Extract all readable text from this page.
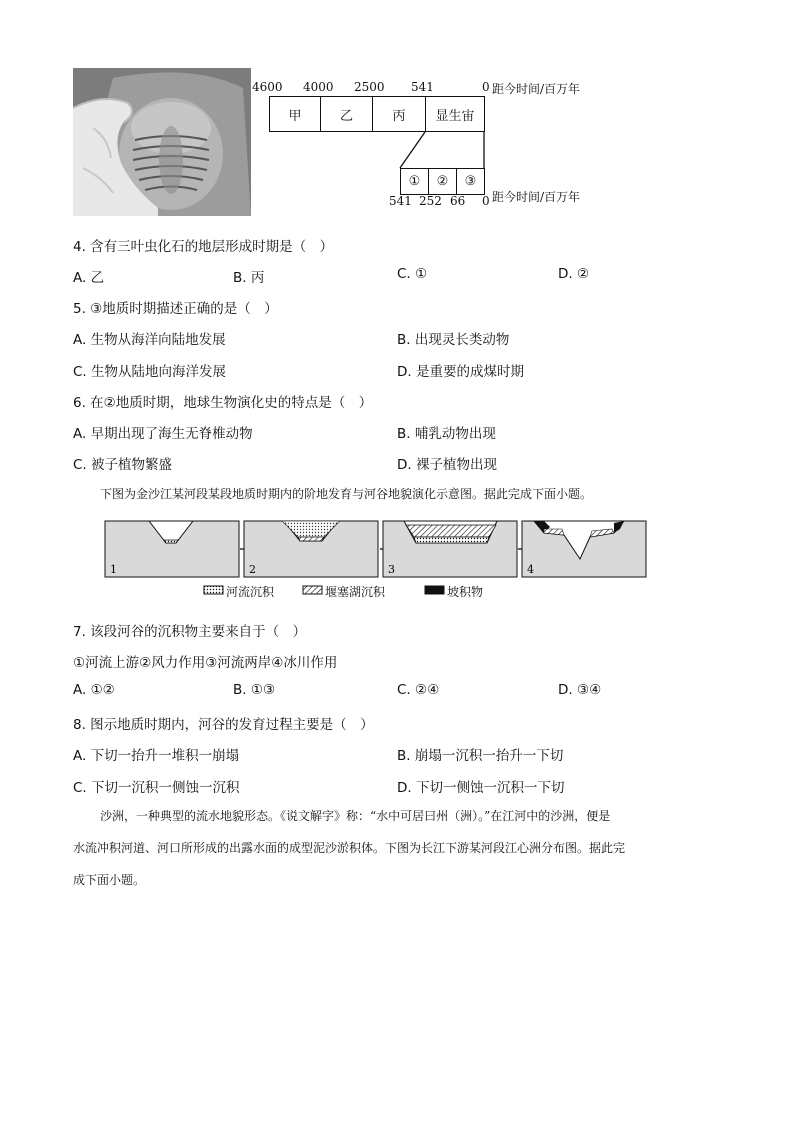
4600 4000 2500 541	0 距今时间/百万年
甲	乙	丙	显生宙
①	②	③
541 252 66 0 距今时间/百万年
4. 含有三叶虫化石的地层形成时期是（　）
A. 乙	B. 丙	C. ①	D. ②
5. ③地质时期描述正确的是（　）
A. 生物从海洋向陆地发展	B. 出现灵长类动物
C. 生物从陆地向海洋发展	D. 是重要的成煤时期
6. 在②地质时期，地球生物演化史的特点是（　）
A. 早期出现了海生无脊椎动物	B. 哺乳动物出现
C. 被子植物繁盛	D. 裸子植物出现
下图为金沙江某河段某段地质时期内的阶地发育与河谷地貌演化示意图。据此完成下面小题。
1	2	3	4
河流沉积	堰塞湖沉积	坡积物
7. 该段河谷的沉积物主要来自于（　）
①河流上游②风力作用③河流两岸④冰川作用
A. ①②	B. ①③	C. ②④	D. ③④
8. 图示地质时期内，河谷的发育过程主要是（　）
A. 下切一抬升一堆积一崩塌	B. 崩塌一沉积一抬升一下切
C. 下切一沉积一侧蚀一沉积	D. 下切一侧蚀一沉积一下切
沙洲，一种典型的流水地貌形态。《说文解字》称：“水中可居曰州（洲）。”在江河中的沙洲，便是
水流冲积河道、河口所形成的出露水面的成型泥沙淤积体。下图为长江下游某河段江心洲分布图。据此完
成下面小题。
